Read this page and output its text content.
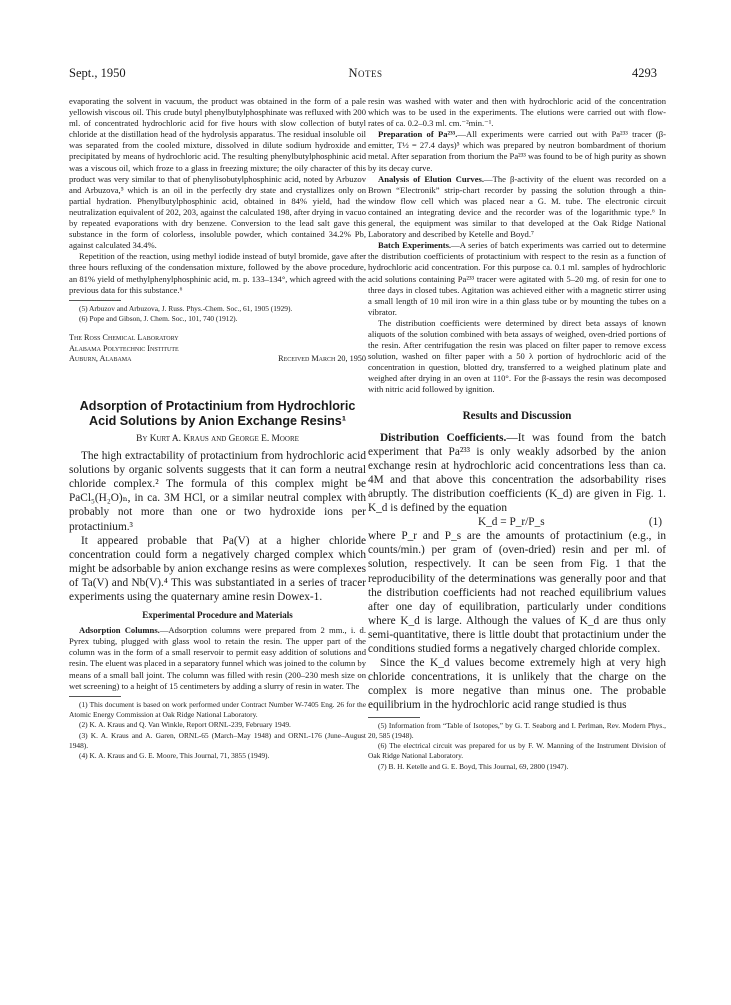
Sept., 1950	Notes	4293

evaporating the solvent in vacuum, the product was obtained in the form of a pale yellowish viscous oil. This crude butyl phenylbutylphosphinate was refluxed with 200 ml. of concentrated hydrochloric acid for five hours with slow collection of butyl chloride at the distillation head of the hydrolysis apparatus. The residual insoluble oil was separated from the cooled mixture, dissolved in dilute sodium hydroxide and precipitated by means of hydrochloric acid. The resulting phenylbutylphosphinic acid was a viscous oil, which froze to a glass in freezing mixture; the oily character of this product was very similar to that of phenylisobutylphosphinic acid, noted by Arbuzov and Arbuzova,⁵ which is an oil in the perfectly dry state and crystallizes only on partial hydration. Phenylbutylphosphinic acid, obtained in 84% yield, had the neutralization equivalent of 202, 203, against the calculated 198, after drying in vacuo by repeated evaporations with dry benzene. Conversion to the lead salt gave this substance in the form of colorless, insoluble powder, which contained 34.2% Pb, against calculated 34.4%.

Repetition of the reaction, using methyl iodide instead of butyl bromide, gave after three hours refluxing of the condensation mixture, followed by the above procedure, an 81% yield of methylphenylphosphinic acid, m. p. 133–134°, which agreed with the previous data for this substance.⁶

(5) Arbuzov and Arbuzova, J. Russ. Phys.-Chem. Soc., 61, 1905 (1929).

(6) Pope and Gibson, J. Chem. Soc., 101, 740 (1912).

The Ross Chemical Laboratory
Alabama Polytechnic Institute
Auburn, Alabama	Received March 20, 1950
Adsorption of Protactinium from Hydrochloric Acid Solutions by Anion Exchange Resins¹
By Kurt A. Kraus and George E. Moore

The high extractability of protactinium from hydrochloric acid solutions by organic solvents suggests that it can form a neutral chloride complex.² The formula of this complex might be PaCl₅(H₂O)ₙ, in ca. 3M HCl, or a similar neutral complex with probably not more than one or two hydroxide ions per protactinium.³

It appeared probable that Pa(V) at a higher chloride concentration could form a negatively charged complex which might be adsorbable by anion exchange resins as were complexes of Ta(V) and Nb(V).⁴ This was substantiated in a series of tracer experiments using the quaternary amine resin Dowex-1.

Experimental Procedure and Materials

Adsorption Columns.—Adsorption columns were prepared from 2 mm., i. d. Pyrex tubing, plugged with glass wool to retain the resin. The upper part of the column was in the form of a small reservoir to permit easy addition of solutions and resin. The eluent was placed in a separatory funnel which was joined to the column by means of a small ball joint. The column was filled with resin (200–230 mesh size on wet screening) to a height of 15 centimeters by adding a slurry of resin in water. The

(1) This document is based on work performed under Contract Number W-7405 Eng. 26 for the Atomic Energy Commission at Oak Ridge National Laboratory.

(2) K. A. Kraus and Q. Van Winkle, Report ORNL-239, February 1949.

(3) K. A. Kraus and A. Garen, ORNL-65 (March–May 1948) and ORNL-176 (June–August 1948).

(4) K. A. Kraus and G. E. Moore, This Journal, 71, 3855 (1949).

resin was washed with water and then with hydrochloric acid of the concentration which was to be used in the experiments. The elutions were carried out with flow-rates of ca. 0.2–0.3 ml. cm.⁻²min.⁻¹.

Preparation of Pa²³³.—All experiments were carried out with Pa²³³ tracer (β-emitter, T½ = 27.4 days)⁵ which was prepared by neutron bombardment of thorium metal. After separation from thorium the Pa²³³ was found to be of high purity as shown by its decay curve.

Analysis of Elution Curves.—The β-activity of the eluent was recorded on a Brown “Electronik” strip-chart recorder by passing the solution through a thin-window flow cell which was placed near a G. M. tube. The electronic circuit contained an integrating device and the recorder was of the logarithmic type.⁶ In general, the equipment was similar to that developed at the Oak Ridge National Laboratory and described by Ketelle and Boyd.⁷

Batch Experiments.—A series of batch experiments was carried out to determine the distribution coefficients of protactinium with respect to the resin as a function of hydrochloric acid concentration. For this purpose ca. 0.1 ml. samples of hydrochloric acid solutions containing Pa²³³ tracer were agitated with 5–20 mg. of resin for one to three days in closed tubes. Agitation was achieved either with a magnetic stirrer using a small length of 10 mil iron wire in a thin glass tube or by mounting the tubes on a vibrator.

The distribution coefficients were determined by direct beta assays of known aliquots of the solution combined with beta assays of weighed, oven-dried portions of the resin. After centrifugation the resin was placed on filter paper to remove excess solution, washed on filter paper with a 50 λ portion of hydrochloric acid of the concentration in question, blotted dry, transferred to a weighed platinum plate and weighed after drying in an oven at 110°. For the β-assays the resin was decomposed with nitric acid followed by ignition.

Results and Discussion

Distribution Coefficients.—It was found from the batch experiment that Pa²³³ is only weakly adsorbed by the anion exchange resin at hydrochloric acid concentrations less than ca. 4M and that above this concentration the adsorbability rises abruptly. The distribution coefficients (K_d) are given in Fig. 1. K_d is defined by the equation

K_d = P_r/P_s	(1)

where P_r and P_s are the amounts of protactinium (e.g., in counts/min.) per gram of (oven-dried) resin and per ml. of solution, respectively. It can be seen from Fig. 1 that the reproducibility of the determinations was generally poor and that the distribution coefficients had not reached equilibrium values after one day of equilibration, particularly under conditions where K_d is large. Although the values of K_d are thus only semi-quantitative, there is little doubt that protactinium under the conditions studied forms a negatively charged chloride complex.

Since the K_d values become extremely high at very high chloride concentrations, it is unlikely that the charge on the complex is more negative than minus one. The probable equilibrium in the hydrochloric acid range studied is thus

(5) Information from “Table of Isotopes,” by G. T. Seaborg and I. Perlman, Rev. Modern Phys., 20, 585 (1948).

(6) The electrical circuit was prepared for us by F. W. Manning of the Instrument Division of Oak Ridge National Laboratory.

(7) B. H. Ketelle and G. E. Boyd, This Journal, 69, 2800 (1947).
